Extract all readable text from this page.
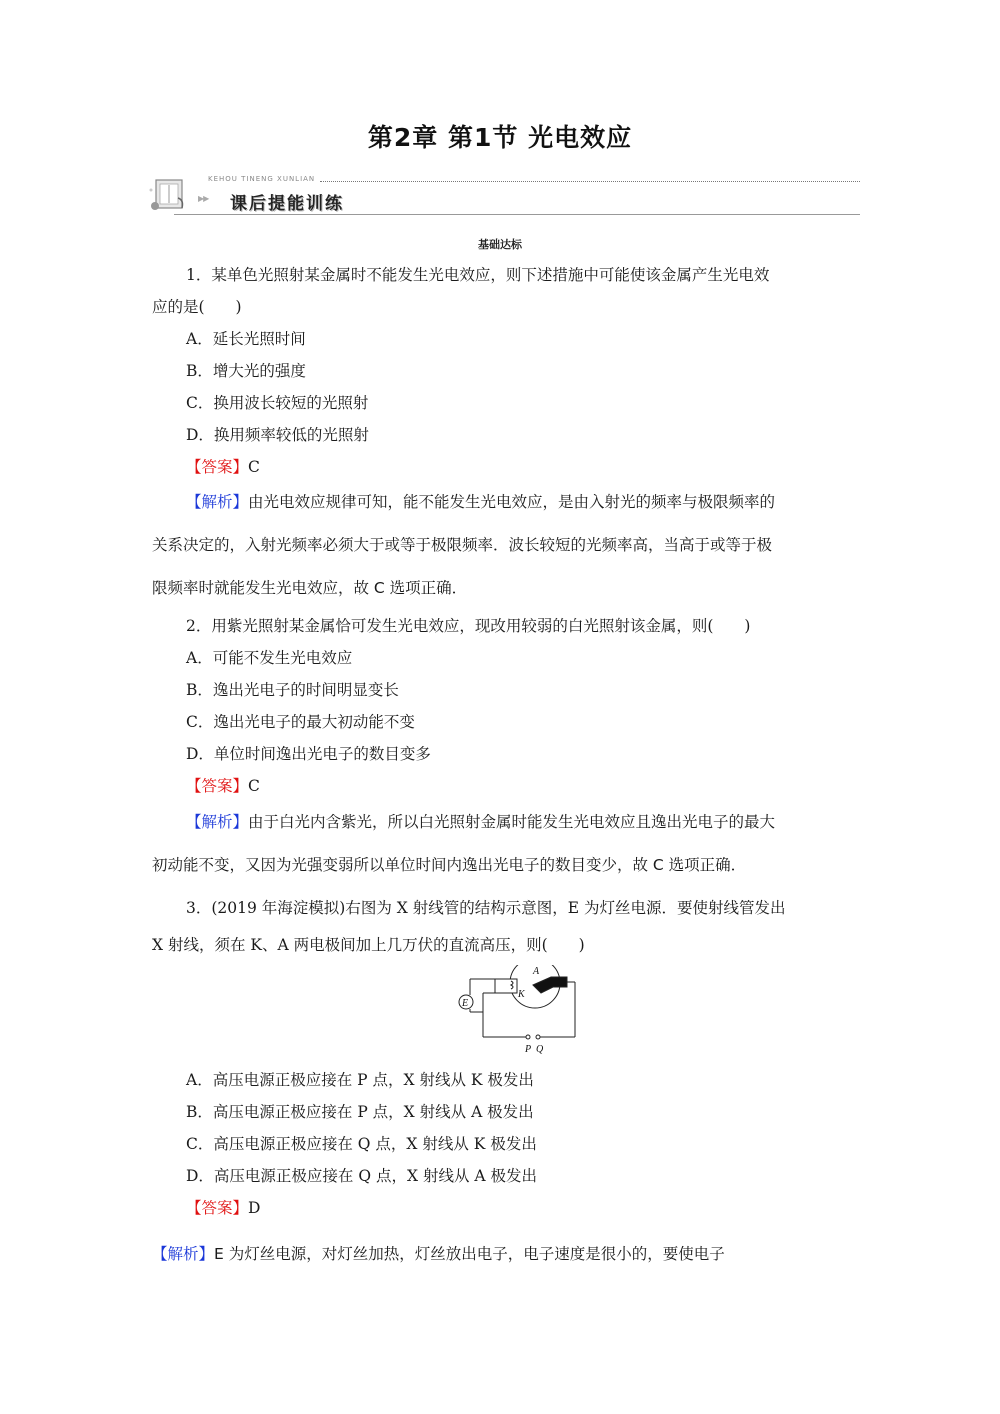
第2章 第1节 光电效应
KEHOU TINENG XUNLIAN
▶▶ 课后提能训练
基础达标
1．某单色光照射某金属时不能发生光电效应，则下述措施中可能使该金属产生光电效
应的是(　　)
A．延长光照时间
B．增大光的强度
C．换用波长较短的光照射
D．换用频率较低的光照射
【答案】C
【解析】由光电效应规律可知，能不能发生光电效应，是由入射光的频率与极限频率的
关系决定的，入射光频率必须大于或等于极限频率．波长较短的光频率高，当高于或等于极
限频率时就能发生光电效应，故 C 选项正确．
2．用紫光照射某金属恰可发生光电效应，现改用较弱的白光照射该金属，则(　　)
A．可能不发生光电效应
B．逸出光电子的时间明显变长
C．逸出光电子的最大初动能不变
D．单位时间逸出光电子的数目变多
【答案】C
【解析】由于白光内含紫光，所以白光照射金属时能发生光电效应且逸出光电子的最大
初动能不变，又因为光强变弱所以单位时间内逸出光电子的数目变少，故 C 选项正确．
3．(2019 年海淀模拟)右图为 X 射线管的结构示意图，E 为灯丝电源．要使射线管发出
X 射线，须在 K、A 两电极间加上几万伏的直流高压，则(　　)
E
K
A
P Q
A．高压电源正极应接在 P 点，X 射线从 K 极发出
B．高压电源正极应接在 P 点，X 射线从 A 极发出
C．高压电源正极应接在 Q 点，X 射线从 K 极发出
D．高压电源正极应接在 Q 点，X 射线从 A 极发出
【答案】D
【解析】E 为灯丝电源，对灯丝加热，灯丝放出电子，电子速度是很小的，要使电子
